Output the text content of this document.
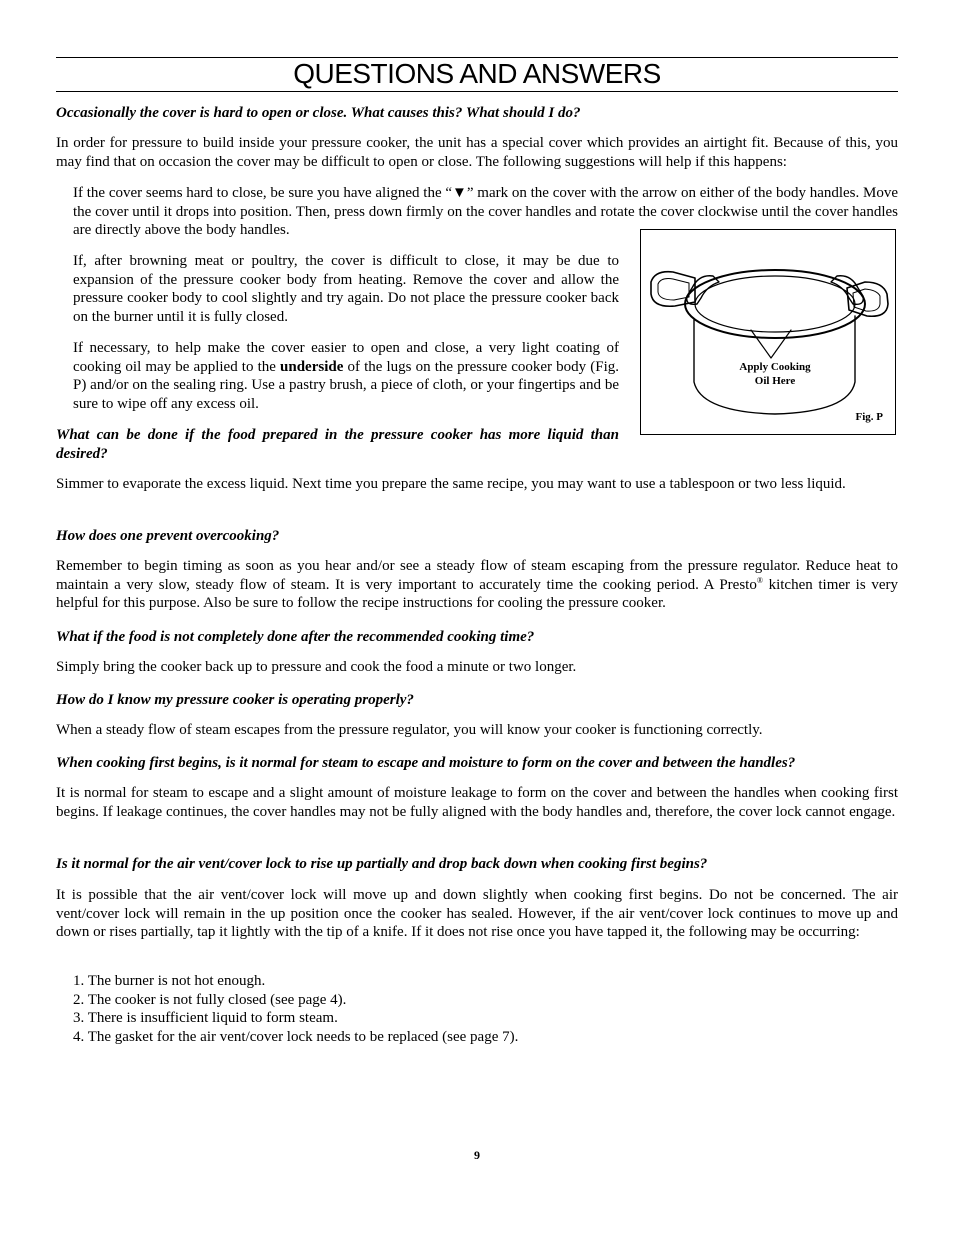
QUESTIONS AND ANSWERS

Occasionally the cover is hard to open or close. What causes this? What should I do?

In order for pressure to build inside your pressure cooker, the unit has a special cover which provides an airtight fit. Because of this, you may find that on occasion the cover may be difficult to open or close. The following suggestions will help if this happens:

If the cover seems hard to close, be sure you have aligned the “▼” mark on the cover with the arrow on either of the body handles. Move the cover until it drops into position. Then, press down firmly on the cover handles and rotate the cover clockwise until the cover handles are directly above the body handles.

If, after browning meat or poultry, the cover is difficult to close, it may be due to expansion of the pressure cooker body from heating. Remove the cover and allow the pressure cooker body to cool slightly and try again. Do not place the pressure cooker back on the burner until it is fully closed.

If necessary, to help make the cover easier to open and close, a very light coating of cooking oil may be applied to the underside of the lugs on the pressure cooker body (Fig. P) and/or on the sealing ring. Use a pastry brush, a piece of cloth, or your fingertips and be sure to wipe off any excess oil.

Apply Cooking
Oil Here
Fig. P

What can be done if the food prepared in the pressure cooker has more liquid than desired?

Simmer to evaporate the excess liquid. Next time you prepare the same recipe, you may want to use a tablespoon or two less liquid.

How does one prevent overcooking?

Remember to begin timing as soon as you hear and/or see a steady flow of steam escaping from the pressure regulator. Reduce heat to maintain a very slow, steady flow of steam. It is very important to accurately time the cooking period. A Presto® kitchen timer is very helpful for this purpose. Also be sure to follow the recipe instructions for cooling the pressure cooker.

What if the food is not completely done after the recommended cooking time?

Simply bring the cooker back up to pressure and cook the food a minute or two longer.

How do I know my pressure cooker is operating properly?

When a steady flow of steam escapes from the pressure regulator, you will know your cooker is functioning correctly.

When cooking first begins, is it normal for steam to escape and moisture to form on the cover and between the handles?

It is normal for steam to escape and a slight amount of moisture leakage to form on the cover and between the handles when cooking first begins. If leakage continues, the cover handles may not be fully aligned with the body handles and, therefore, the cover lock cannot engage.

Is it normal for the air vent/cover lock to rise up partially and drop back down when cooking first begins?

It is possible that the air vent/cover lock will move up and down slightly when cooking first begins. Do not be concerned. The air vent/cover lock will remain in the up position once the cooker has sealed. However, if the air vent/cover lock continues to move up and down or rises partially, tap it lightly with the tip of a knife. If it does not rise once you have tapped it, the following may be occurring:

1. The burner is not hot enough.
2. The cooker is not fully closed (see page 4).
3. There is insufficient liquid to form steam.
4. The gasket for the air vent/cover lock needs to be replaced (see page 7).
9
